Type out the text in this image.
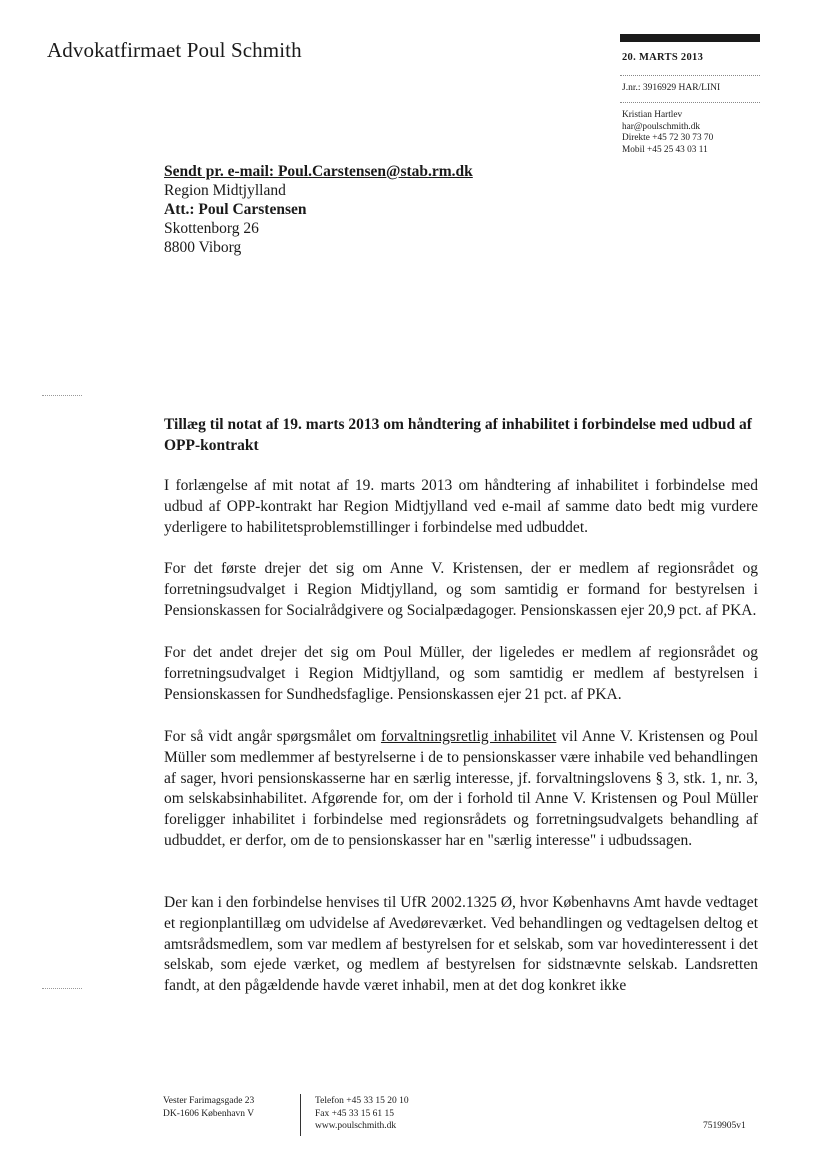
Advokatfirmaet Poul Schmith	20. MARTS 2013
J.nr.: 3916929 HAR/LINI
Kristian Hartlev
har@poulschmith.dk
Direkte +45 72 30 73 70
Mobil +45 25 43 03 11
Sendt pr. e-mail: Poul.Carstensen@stab.rm.dk
Region Midtjylland
Att.: Poul Carstensen
Skottenborg 26
8800 Viborg
Tillæg til notat af 19. marts 2013 om håndtering af inhabilitet i forbindelse med udbud af OPP-kontrakt
I forlængelse af mit notat af 19. marts 2013 om håndtering af inhabilitet i forbindelse med udbud af OPP-kontrakt har Region Midtjylland ved e-mail af samme dato bedt mig vurdere yderligere to habilitetsproblemstillinger i forbindelse med udbuddet.
For det første drejer det sig om Anne V. Kristensen, der er medlem af regionsrådet og forretningsudvalget i Region Midtjylland, og som samtidig er formand for bestyrelsen i Pensionskassen for Socialrådgivere og Socialpædagoger. Pensionskassen ejer 20,9 pct. af PKA.
For det andet drejer det sig om Poul Müller, der ligeledes er medlem af regionsrådet og forretningsudvalget i Region Midtjylland, og som samtidig er medlem af bestyrelsen i Pensionskassen for Sundhedsfaglige. Pensionskassen ejer 21 pct. af PKA.
For så vidt angår spørgsmålet om forvaltningsretlig inhabilitet vil Anne V. Kristensen og Poul Müller som medlemmer af bestyrelserne i de to pensionskasser være inhabile ved behandlingen af sager, hvori pensionskasserne har en særlig interesse, jf. forvaltningslovens § 3, stk. 1, nr. 3, om selskabsinhabilitet. Afgørende for, om der i forhold til Anne V. Kristensen og Poul Müller foreligger inhabilitet i forbindelse med regionsrådets og forretningsudvalgets behandling af udbuddet, er derfor, om de to pensionskasser har en "særlig interesse" i udbudssagen.
Der kan i den forbindelse henvises til UfR 2002.1325 Ø, hvor Københavns Amt havde vedtaget et regionplantillæg om udvidelse af Avedøreværket. Ved behandlingen og vedtagelsen deltog et amtsrådsmedlem, som var medlem af bestyrelsen for et selskab, som var hovedinteressent i det selskab, som ejede værket, og medlem af bestyrelsen for sidstnævnte selskab. Landsretten fandt, at den pågældende havde været inhabil, men at det dog konkret ikke
Vester Farimagsgade 23
DK-1606 København V
Telefon +45 33 15 20 10
Fax +45 33 15 61 15
www.poulschmith.dk	7519905v1
